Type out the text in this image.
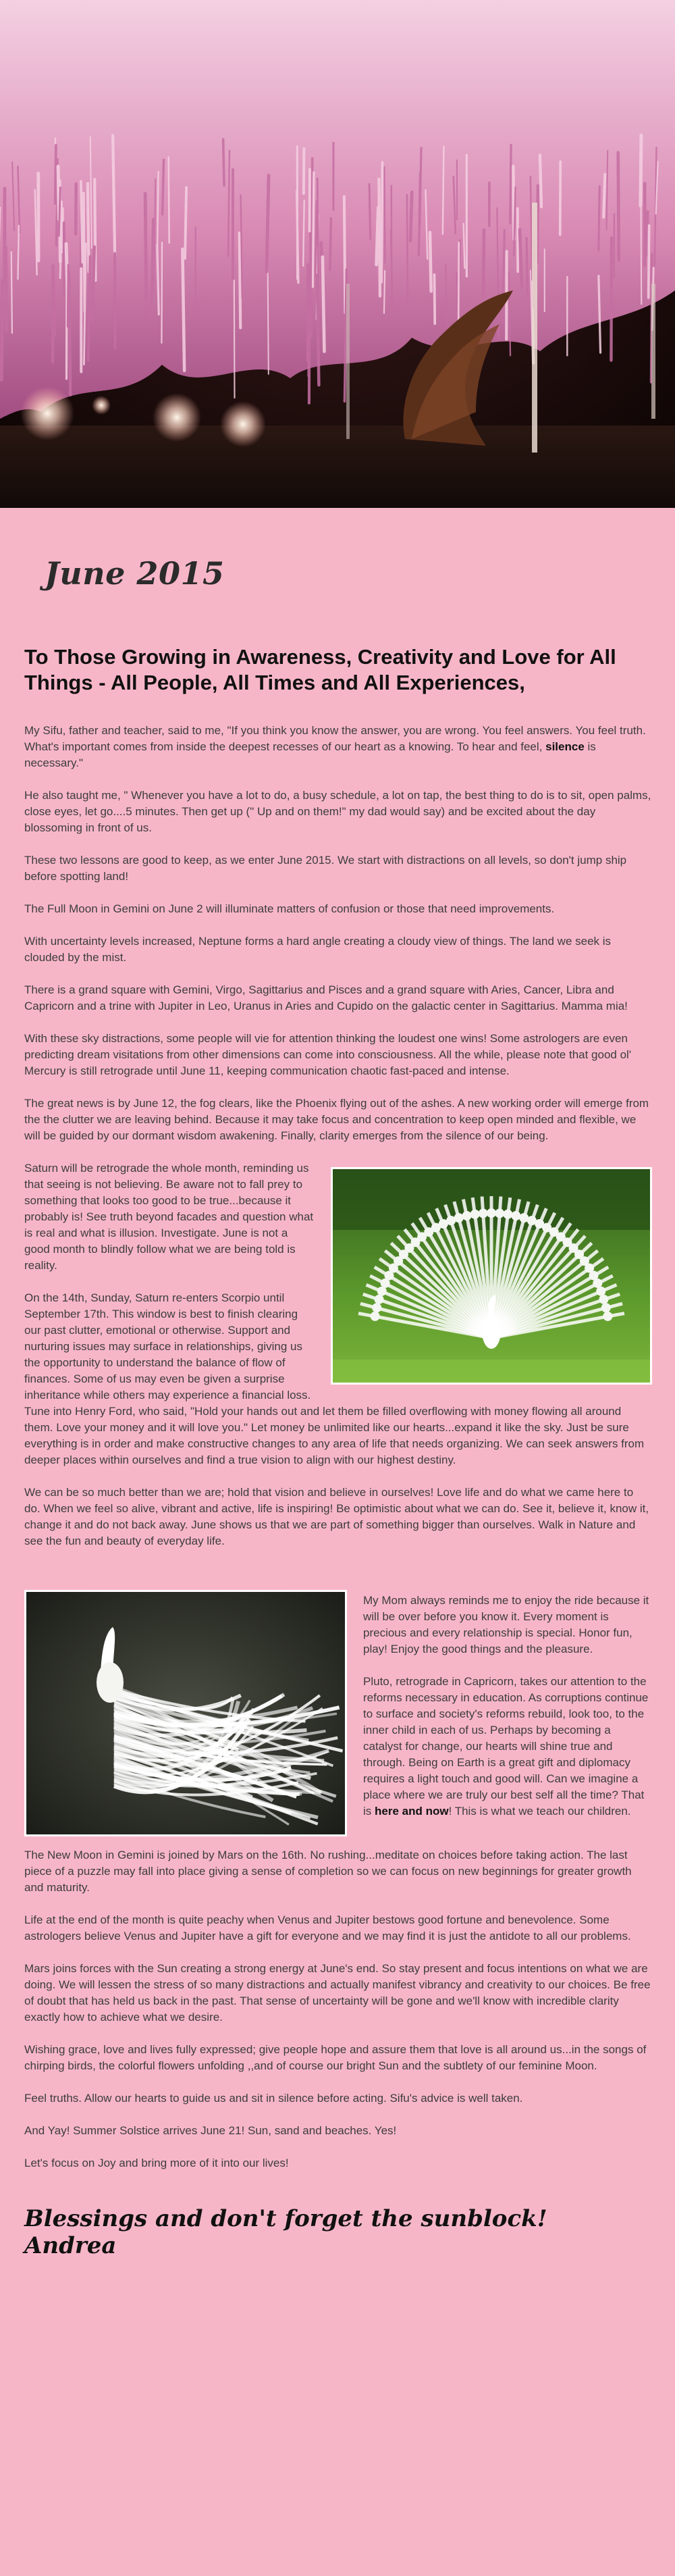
June 2015
To Those Growing in Awareness, Creativity and Love for All Things - All People, All Times and All Experiences,

My Sifu, father and teacher, said to me, "If you think you know the answer, you are wrong. You feel answers. You feel truth. What's important comes from inside the deepest recesses of our heart as a knowing. To hear and feel, silence is necessary."

He also taught me, " Whenever you have a lot to do, a busy schedule, a lot on tap, the best thing to do is to sit, open palms, close eyes, let go....5 minutes. Then get up (" Up and on them!" my dad would say) and be excited about the day blossoming in front of us.

These two lessons are good to keep, as we enter June 2015. We start with distractions on all levels, so don't jump ship before spotting land!

The Full Moon in Gemini on June 2 will illuminate matters of confusion or those that need improvements.

With uncertainty levels increased, Neptune forms a hard angle creating a cloudy view of things. The land we seek is clouded by the mist.

There is a grand square with Gemini, Virgo, Sagittarius and Pisces and a grand square with Aries, Cancer, Libra and Capricorn and a trine with Jupiter in Leo, Uranus in Aries and Cupido on the galactic center in Sagittarius. Mamma mia!

With these sky distractions, some people will vie for attention thinking the loudest one wins! Some astrologers are even predicting dream visitations from other dimensions can come into consciousness. All the while, please note that good ol' Mercury is still retrograde until June 11, keeping communication chaotic fast-paced and intense.

The great news is by June 12, the fog clears, like the Phoenix flying out of the ashes. A new working order will emerge from the the clutter we are leaving behind. Because it may take focus and concentration to keep open minded and flexible, we will be guided by our dormant wisdom awakening. Finally, clarity emerges from the silence of our being.

Saturn will be retrograde the whole month, reminding us that seeing is not believing. Be aware not to fall prey to something that looks too good to be true...because it probably is! See truth beyond facades and question what is real and what is illusion. Investigate. June is not a good month to blindly follow what we are being told is reality.

On the 14th, Sunday, Saturn re-enters Scorpio until September 17th. This window is best to finish clearing our past clutter, emotional or otherwise. Support and nurturing issues may surface in relationships, giving us the opportunity to understand the balance of flow of finances. Some of us may even be given a surprise inheritance while others may experience a financial loss. Tune into Henry Ford, who said, "Hold your hands out and let them be filled overflowing with money flowing all around them. Love your money and it will love you." Let money be unlimited like our hearts...expand it like the sky. Just be sure everything is in order and make constructive changes to any area of life that needs organizing. We can seek answers from deeper places within ourselves and find a true vision to align with our highest destiny.

We can be so much better than we are; hold that vision and believe in ourselves! Love life and do what we came here to do. When we feel so alive, vibrant and active, life is inspiring! Be optimistic about what we can do. See it, believe it, know it, change it and do not back away. June shows us that we are part of something bigger than ourselves. Walk in Nature and see the fun and beauty of everyday life.

My Mom always reminds me to enjoy the ride because it will be over before you know it. Every moment is precious and every relationship is special. Honor fun, play! Enjoy the good things and the pleasure.

Pluto, retrograde in Capricorn, takes our attention to the reforms necessary in education. As corruptions continue to surface and society's reforms rebuild, look too, to the inner child in each of us. Perhaps by becoming a catalyst for change, our hearts will shine true and through. Being on Earth is a great gift and diplomacy requires a light touch and good will. Can we imagine a place where we are truly our best self all the time? That is here and now! This is what we teach our children.

The New Moon in Gemini is joined by Mars on the 16th. No rushing...meditate on choices before taking action. The last piece of a puzzle may fall into place giving a sense of completion so we can focus on new beginnings for greater growth and maturity.

Life at the end of the month is quite peachy when Venus and Jupiter bestows good fortune and benevolence. Some astrologers believe Venus and Jupiter have a gift for everyone and we may find it is just the antidote to all our problems.

Mars joins forces with the Sun creating a strong energy at June's end. So stay present and focus intentions on what we are doing. We will lessen the stress of so many distractions and actually manifest vibrancy and creativity to our choices. Be free of doubt that has held us back in the past. That sense of uncertainty will be gone and we'll know with incredible clarity exactly how to achieve what we desire.

Wishing grace, love and lives fully expressed; give people hope and assure them that love is all around us...in the songs of chirping birds, the colorful flowers unfolding ,,and of course our bright Sun and the subtlety of our feminine Moon.

Feel truths. Allow our hearts to guide us and sit in silence before acting. Sifu's advice is well taken.

And Yay! Summer Solstice arrives June 21! Sun, sand and beaches. Yes!

Let's focus on Joy and bring more of it into our lives!

Blessings and don't forget the sunblock!
Andrea
